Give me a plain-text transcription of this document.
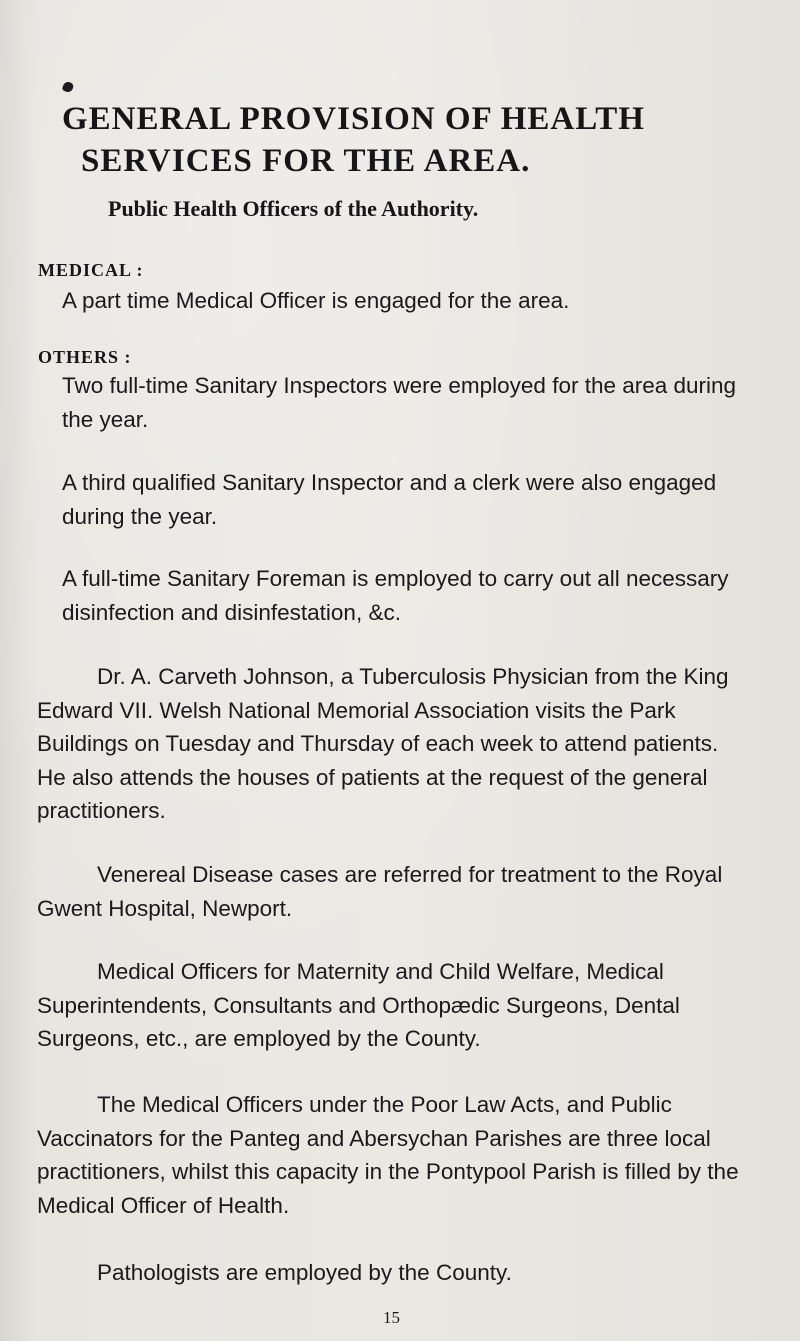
GENERAL PROVISION OF HEALTH
SERVICES FOR THE AREA.
Public Health Officers of the Authority.
MEDICAL :

A part time Medical Officer is engaged for the area.

OTHERS :

Two full-time Sanitary Inspectors were employed for the area during the year.

A third qualified Sanitary Inspector and a clerk were also engaged during the year.

A full-time Sanitary Foreman is employed to carry out all necessary disinfection and disinfestation, &c.

Dr. A. Carveth Johnson, a Tuberculosis Physician from the King Edward VII. Welsh National Memorial Association visits the Park Buildings on Tuesday and Thursday of each week to attend patients. He also attends the houses of patients at the request of the general practitioners.

Venereal Disease cases are referred for treatment to the Royal Gwent Hospital, Newport.

Medical Officers for Maternity and Child Welfare, Medical Superintendents, Consultants and Orthopædic Surgeons, Dental Surgeons, etc., are employed by the County.

The Medical Officers under the Poor Law Acts, and Public Vaccinators for the Panteg and Abersychan Parishes are three local practitioners, whilst this capacity in the Pontypool Parish is filled by the Medical Officer of Health.

Pathologists are employed by the County.

15
